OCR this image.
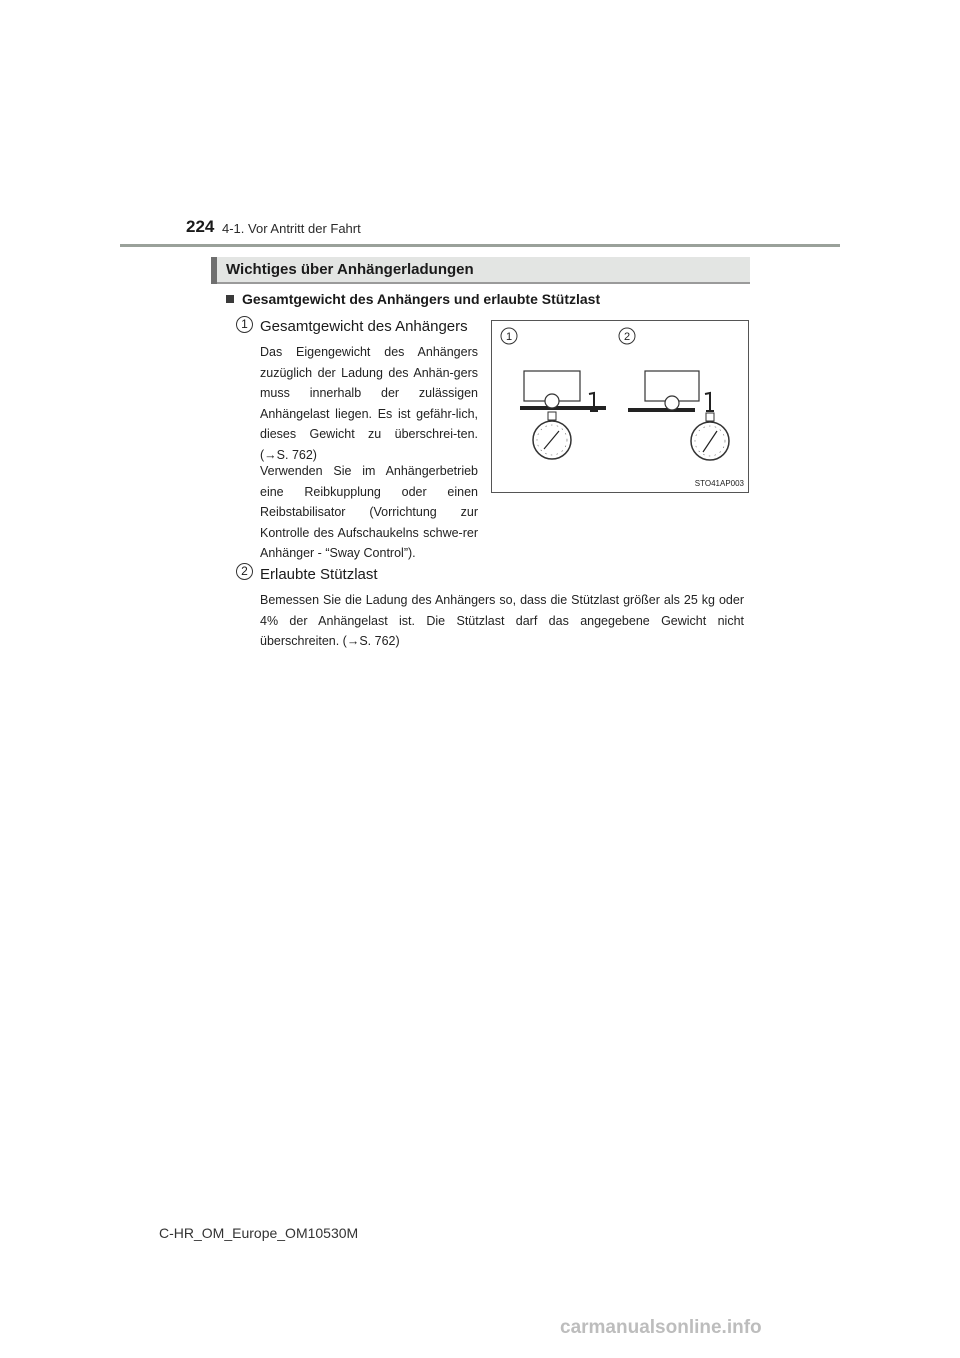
224 4-1. Vor Antritt der Fahrt
Wichtiges über Anhängerladungen
Gesamtgewicht des Anhängers und erlaubte Stützlast
1 Gesamtgewicht des Anhängers

Das Eigengewicht des Anhängers zuzüglich der Ladung des Anhän-gers muss innerhalb der zulässigen Anhängelast liegen. Es ist gefähr-lich, dieses Gewicht zu überschrei-ten. (→S. 762)

Verwenden Sie im Anhängerbetrieb eine Reibkupplung oder einen Reibstabilisator (Vorrichtung zur Kontrolle des Aufschaukelns schwe-rer Anhänger - “Sway Control”).

1	2
STO41AP003
2 Erlaubte Stützlast

Bemessen Sie die Ladung des Anhängers so, dass die Stützlast größer als 25 kg oder 4% der Anhängelast ist. Die Stützlast darf das angegebene Gewicht nicht überschreiten. (→S. 762)

C-HR_OM_Europe_OM10530M
carmanualsonline.info
